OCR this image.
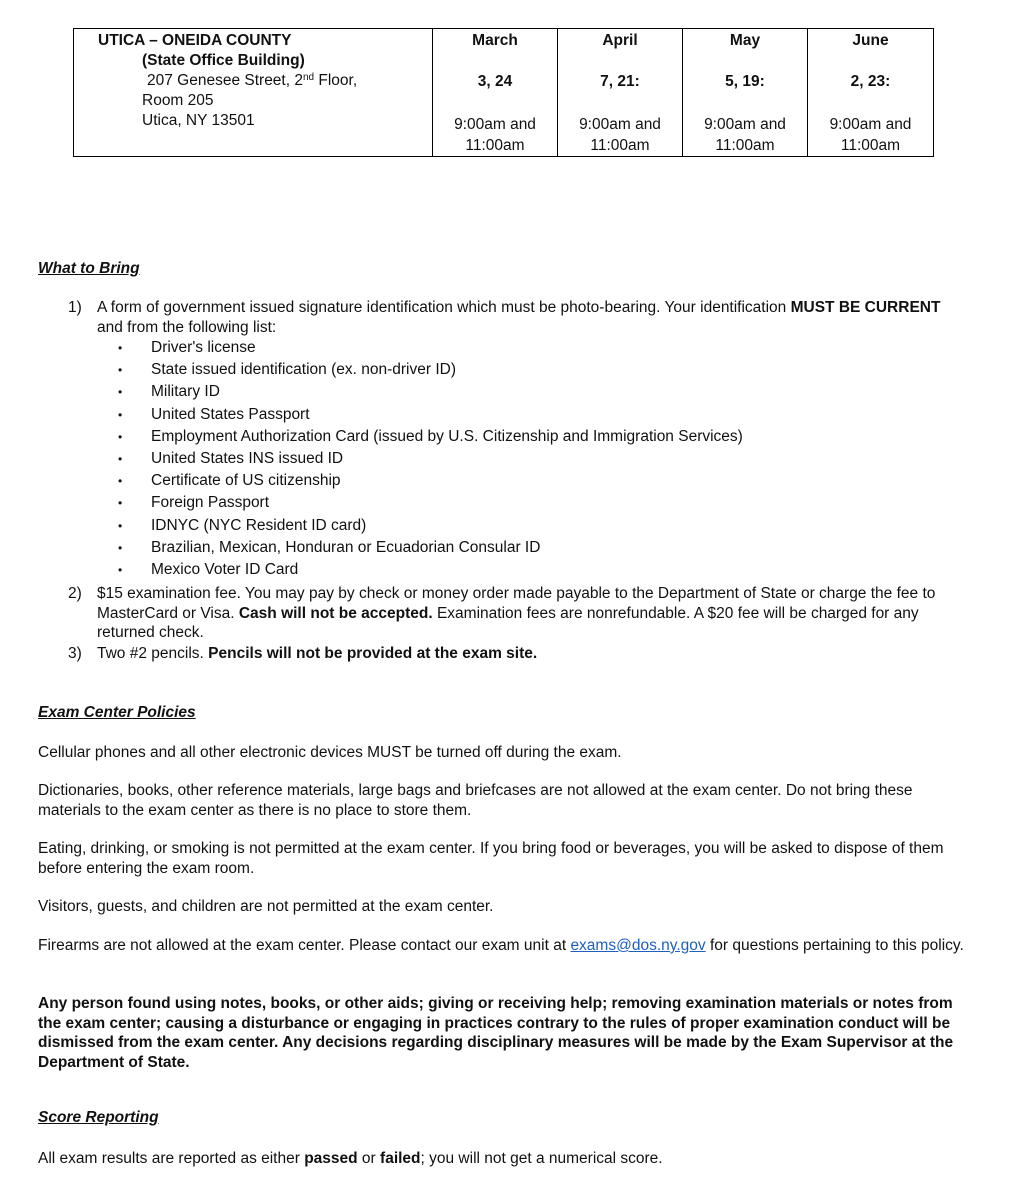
UTICA – ONEIDA COUNTY
(State Office Building)
207 Genesee Street, 2nd Floor,
Room 205
Utica, NY 13501

March
3, 24
9:00am and
11:00am

April
7, 21:
9:00am and
11:00am

May
5, 19:
9:00am and
11:00am

June
2, 23:
9:00am and
11:00am
What to Bring
1) A form of government issued signature identification which must be photo-bearing. Your identification MUST BE CURRENT and from the following list:
• Driver's license
• State issued identification (ex. non-driver ID)
• Military ID
• United States Passport
• Employment Authorization Card (issued by U.S. Citizenship and Immigration Services)
• United States INS issued ID
• Certificate of US citizenship
• Foreign Passport
• IDNYC (NYC Resident ID card)
• Brazilian, Mexican, Honduran or Ecuadorian Consular ID
• Mexico Voter ID Card
2) $15 examination fee. You may pay by check or money order made payable to the Department of State or charge the fee to MasterCard or Visa. Cash will not be accepted. Examination fees are nonrefundable. A $20 fee will be charged for any returned check.
3) Two #2 pencils. Pencils will not be provided at the exam site.
Exam Center Policies
Cellular phones and all other electronic devices MUST be turned off during the exam.
Dictionaries, books, other reference materials, large bags and briefcases are not allowed at the exam center. Do not bring these materials to the exam center as there is no place to store them.
Eating, drinking, or smoking is not permitted at the exam center. If you bring food or beverages, you will be asked to dispose of them before entering the exam room.
Visitors, guests, and children are not permitted at the exam center.
Firearms are not allowed at the exam center. Please contact our exam unit at exams@dos.ny.gov for questions pertaining to this policy.
Any person found using notes, books, or other aids; giving or receiving help; removing examination materials or notes from the exam center; causing a disturbance or engaging in practices contrary to the rules of proper examination conduct will be dismissed from the exam center. Any decisions regarding disciplinary measures will be made by the Exam Supervisor at the Department of State.
Score Reporting
All exam results are reported as either passed or failed; you will not get a numerical score.
